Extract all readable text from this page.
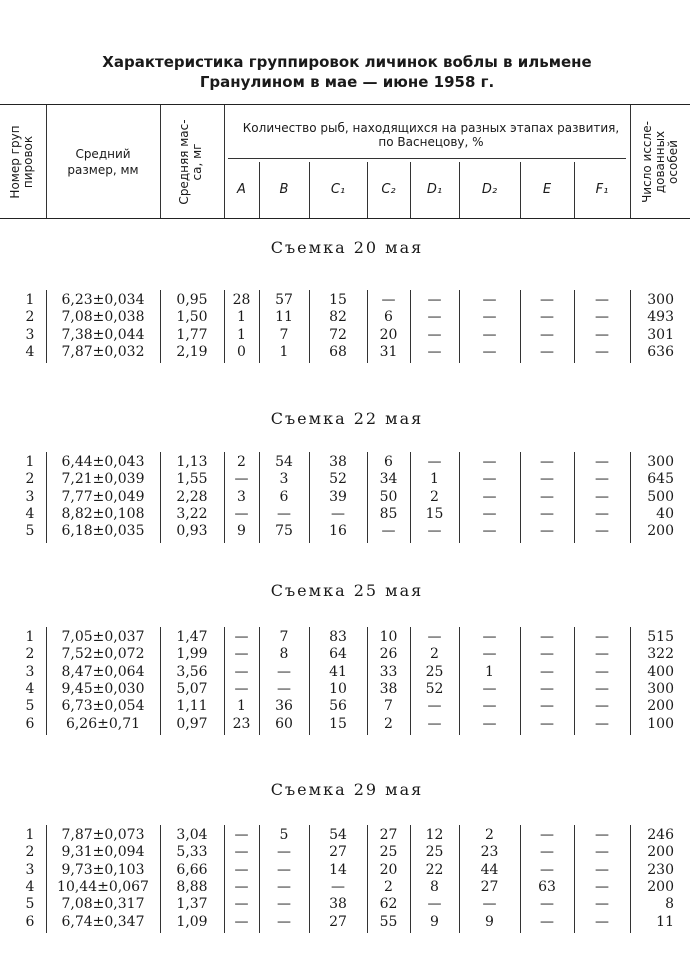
Характеристика группировок личинок воблы в ильмене
Гранулином в мае — июне 1958 г.
Номер груп пировок	Средний размер, мм	Средняя мас- са, мг
Количество рыб, находящихся на разных этапах развития, по Васнецову, %	Число иссле- дованных особей
A	B	C₁	C₂	D₁	D₂	E	F₁
Съемка 20 мая
1	6,23±0,034	0,95	28	57	15	—	—	—	—	—	300
2	7,08±0,038	1,50	1	11	82	6	—	—	—	—	493
3	7,38±0,044	1,77	1	7	72	20	—	—	—	—	301
4	7,87±0,032	2,19	0	1	68	31	—	—	—	—	636
Съемка 22 мая
1	6,44±0,043	1,13	2	54	38	6	—	—	—	—	300
2	7,21±0,039	1,55	—	3	52	34	1	—	—	—	645
3	7,77±0,049	2,28	3	6	39	50	2	—	—	—	500
4	8,82±0,108	3,22	—	—	—	85	15	—	—	—	40
5	6,18±0,035	0,93	9	75	16	—	—	—	—	—	200
Съемка 25 мая
1	7,05±0,037	1,47	—	7	83	10	—	—	—	—	515
2	7,52±0,072	1,99	—	8	64	26	2	—	—	—	322
3	8,47±0,064	3,56	—	—	41	33	25	1	—	—	400
4	9,45±0,030	5,07	—	—	10	38	52	—	—	—	300
5	6,73±0,054	1,11	1	36	56	7	—	—	—	—	200
6	6,26±0,71	0,97	23	60	15	2	—	—	—	—	100
Съемка 29 мая
1	7,87±0,073	3,04	—	5	54	27	12	2	—	—	246
2	9,31±0,094	5,33	—	—	27	25	25	23	—	—	200
3	9,73±0,103	6,66	—	—	14	20	22	44	—	—	230
4	10,44±0,067	8,88	—	—	—	2	8	27	63	—	200
5	7,08±0,317	1,37	—	—	38	62	—	—	—	—	8
6	6,74±0,347	1,09	—	—	27	55	9	9	—	—	11
